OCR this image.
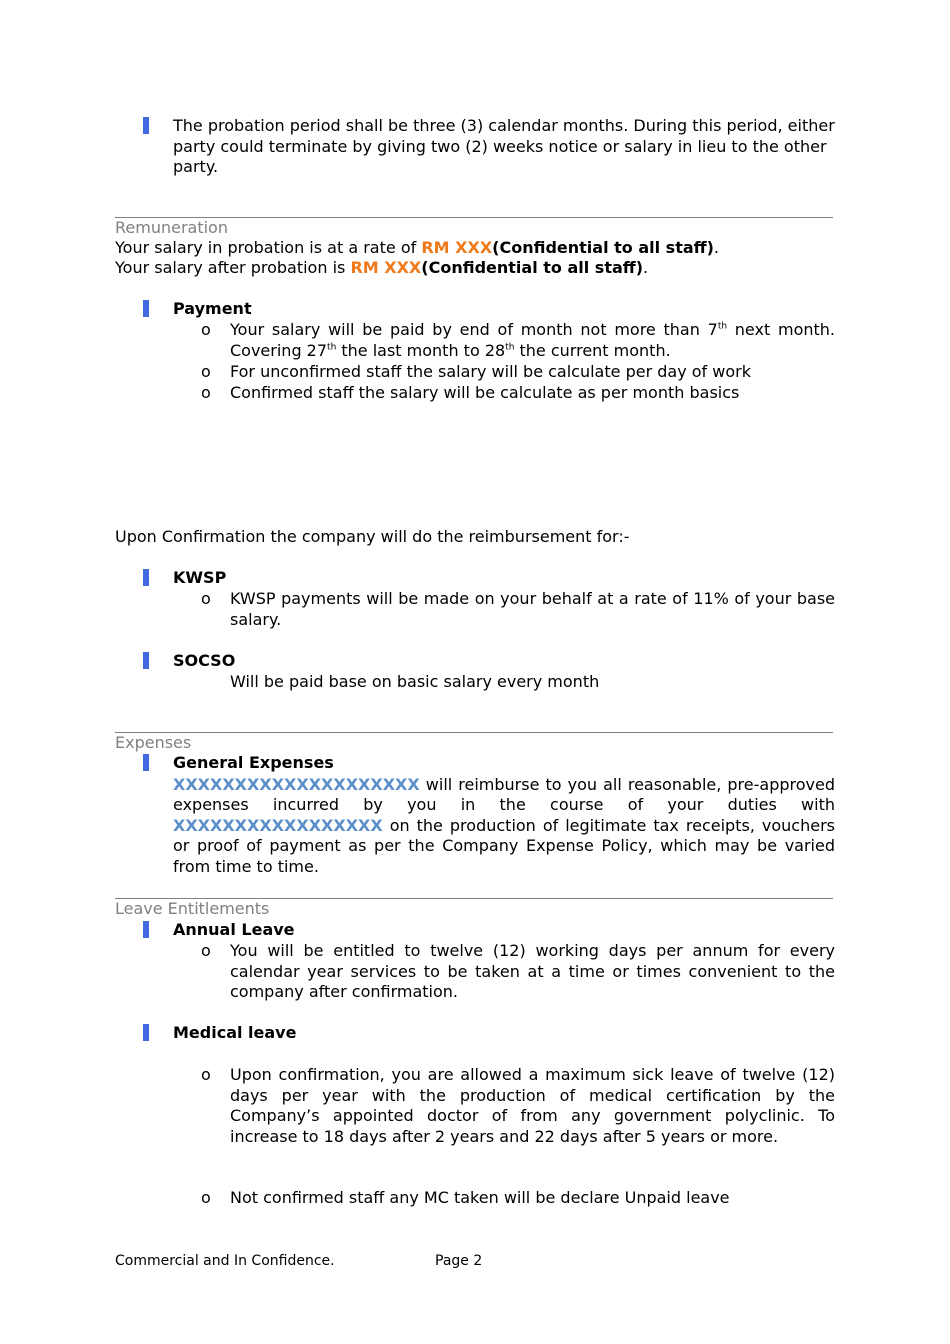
The probation period shall be three (3) calendar months. During this period, either party could terminate by giving two (2) weeks notice or salary in lieu to the other party.
Remuneration
Your salary in probation is at a rate of RM XXX(Confidential to all staff).
Your salary after probation is RM XXX(Confidential to all staff).
Payment
o Your salary will be paid by end of month not more than 7th next month. Covering 27th the last month to 28th the current month.
o For unconfirmed staff the salary will be calculate per day of work
o Confirmed staff the salary will be calculate as per month basics
Upon Confirmation the company will do the reimbursement for:-
KWSP
o KWSP payments will be made on your behalf at a rate of 11% of your base salary.
SOCSO
Will be paid base on basic salary every month
Expenses
General Expenses
XXXXXXXXXXXXXXXXXXXX will reimburse to you all reasonable, pre-approved expenses incurred by you in the course of your duties with XXXXXXXXXXXXXXXXX on the production of legitimate tax receipts, vouchers or proof of payment as per the Company Expense Policy, which may be varied from time to time.
Leave Entitlements
Annual Leave
o You will be entitled to twelve (12) working days per annum for every calendar year services to be taken at a time or times convenient to the company after confirmation.
Medical leave
o Upon confirmation, you are allowed a maximum sick leave of twelve (12) days per year with the production of medical certification by the Company’s appointed doctor of from any government polyclinic. To increase to 18 days after 2 years and 22 days after 5 years or more.
o Not confirmed staff any MC taken will be declare Unpaid leave
Commercial and In Confidence.	Page 2
